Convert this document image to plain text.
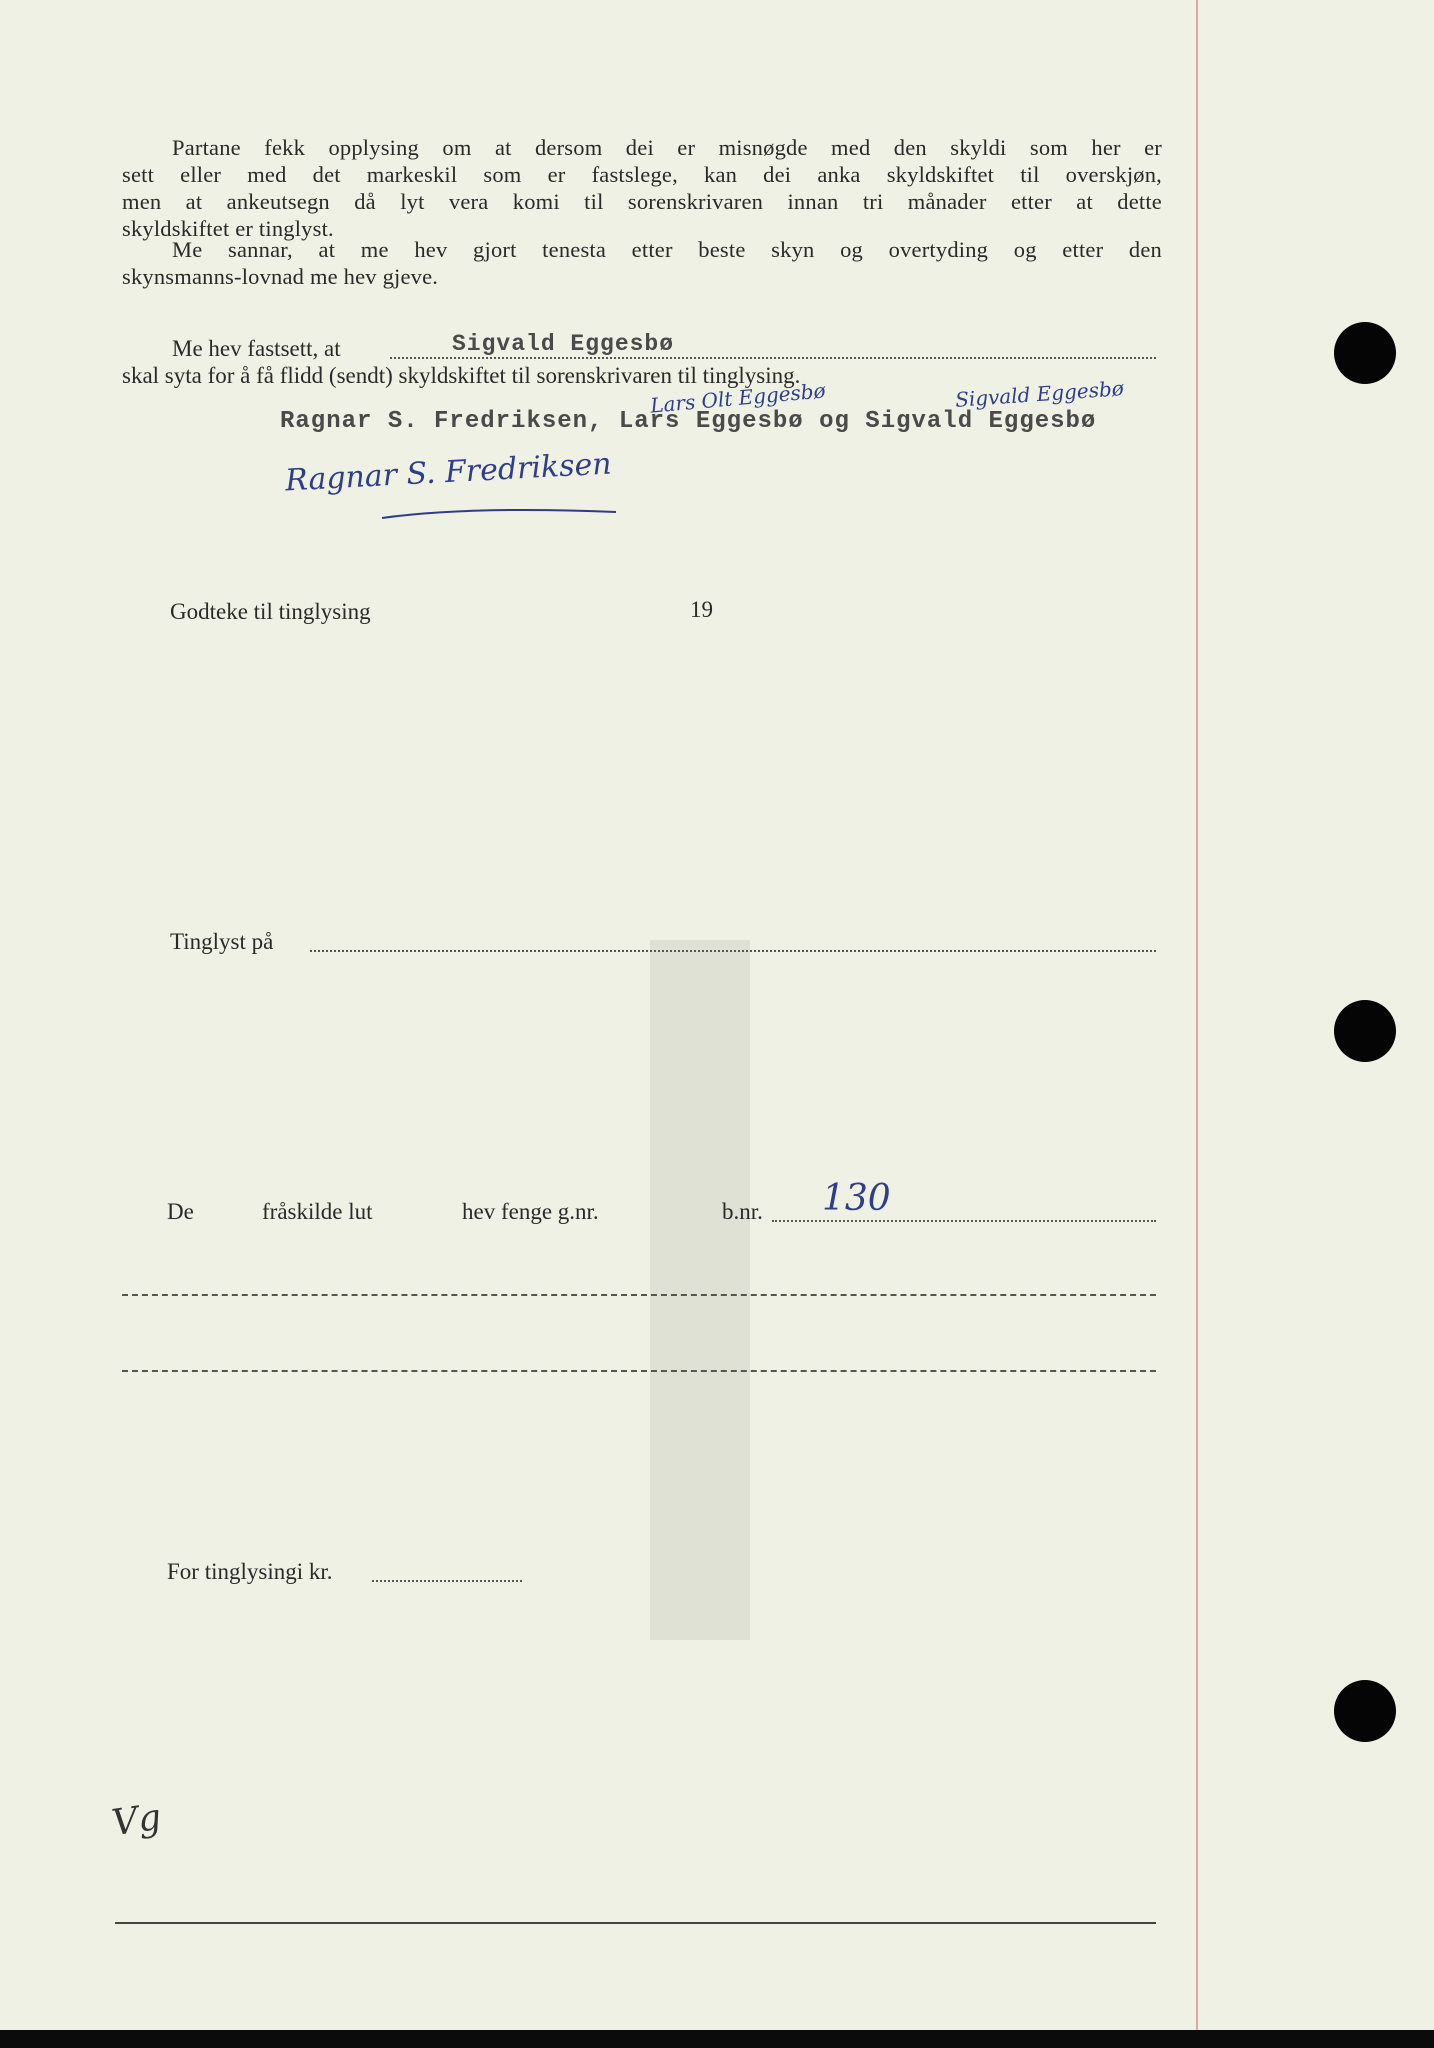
Partane fekk opplysing om at dersom dei er misnøgde med den skyldi som her er
sett eller med det markeskil som er fastslege, kan dei anka skyldskiftet til overskjøn,
men at ankeutsegn då lyt vera komi til sorenskrivaren innan tri månader etter at dette
skyldskiftet er tinglyst.
Me sannar, at me hev gjort tenesta etter beste skyn og overtyding og etter den
skynsmanns-lovnad me hev gjeve.
Me hev fastsett, at	Sigvald Eggesbø
skal syta for å få flidd (sendt) skyldskiftet til sorenskrivaren til tinglysing.
Lars Olt Eggesbø	Sigvald Eggesbø
Ragnar S. Fredriksen, Lars Eggesbø og Sigvald Eggesbø
Ragnar S. Fredriksen
Godteke til tinglysing	19
Tinglyst på
De	fråskilde lut	hev fenge g.nr.	b.nr. 130
For tinglysingi kr.
Vg
